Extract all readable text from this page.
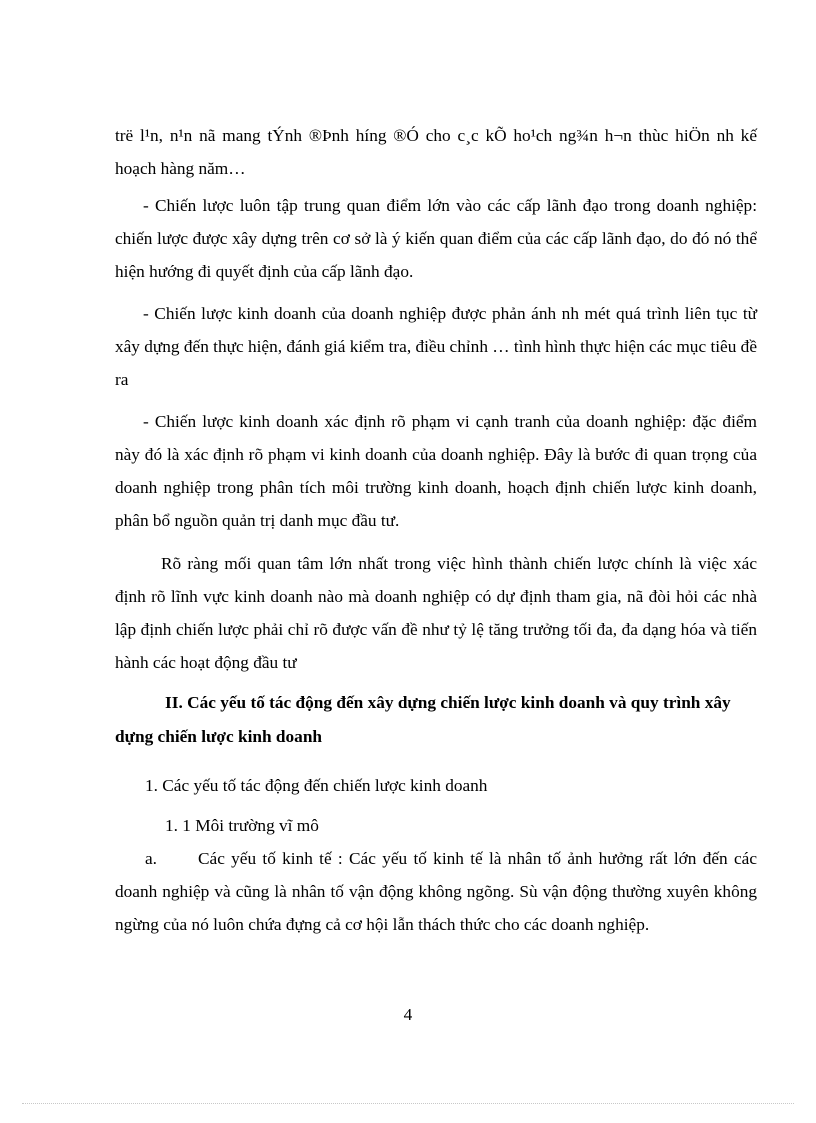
trë l¹n, n¹n nã mang tÝnh ®Þnh híng ®Ó cho c¸c kÕ ho¹ch ng¾n h¬n thùc hiÖn nh kế hoạch hàng năm…

- Chiến lược luôn tập trung quan điểm lớn vào các cấp lãnh đạo trong doanh nghiệp: chiến lược được xây dựng trên cơ sở là ý kiến quan điểm của các cấp lãnh đạo, do đó nó thể hiện hướng đi quyết định của cấp lãnh đạo.

- Chiến lược kinh doanh của doanh nghiệp được phản ánh nh mét quá trình liên tục từ xây dựng đến thực hiện, đánh giá kiểm tra, điều chỉnh … tình hình thực hiện các mục tiêu đề ra

- Chiến lược kinh doanh xác định rõ phạm vi cạnh tranh của doanh nghiệp: đặc điểm này đó là xác định rõ phạm vi kinh doanh của doanh nghiệp. Đây là bước đi quan trọng của doanh nghiệp trong phân tích môi trường kinh doanh, hoạch định chiến lược kinh doanh, phân bổ nguồn quản trị danh mục đầu tư.

Rõ ràng mối quan tâm lớn nhất trong việc hình thành chiến lược chính là việc xác định rõ lĩnh vực kinh doanh nào mà doanh nghiệp có dự định tham gia, nã đòi hỏi các nhà lập định chiến lược phải chỉ rõ được vấn đề như tỷ lệ tăng trưởng tối đa, đa dạng hóa và tiến hành các hoạt động đầu tư

II. Các yếu tố tác động đến xây dựng chiến lược kinh doanh và quy trình xây dựng chiến lược kinh doanh

1. Các yếu tố tác động đến chiến lược kinh doanh

1. 1 Môi trường vĩ mô

a. Các yếu tố kinh tế : Các yếu tố kinh tế là nhân tố ảnh hưởng rất lớn đến các doanh nghiệp và cũng là nhân tố vận động không ngõng. Sù vận động thường xuyên không ngừng của nó luôn chứa đựng cả cơ hội lẫn thách thức cho các doanh nghiệp.

4
